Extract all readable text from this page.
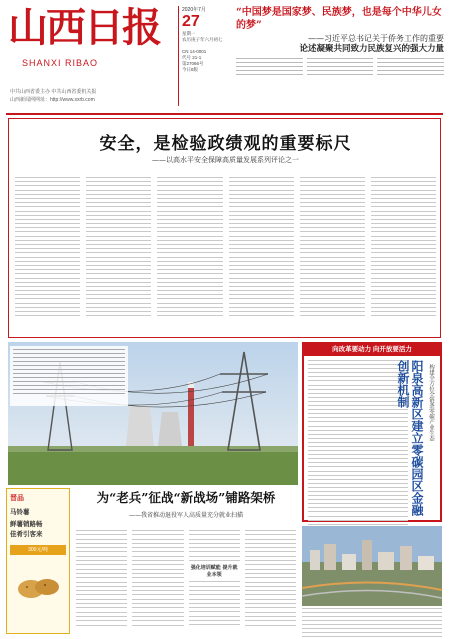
山西日报
SHANXI RIBAO
中共山西省委主办 中共山西省委机关报
山西新闻网网址：http://www.sxrb.com
2020年7月
27
星期一
农历庚子年六月初七
CN 14-0001
代号 21-1
第27066号
今日8版
“中国梦是国家梦、民族梦，也是每个中华儿女的梦”
——习近平总书记关于侨务工作的重要
论述凝聚共同致力民族复兴的强大力量
安全，是检验政绩观的重要标尺
——以高水平安全保障高质量发展系列评论之一
向改革要动力 向开放要活力
阳泉高新区建立零碳园区金融创新机制	构建全方位全链条零碳产业生态
晋品
马铃薯
鲜薯销路畅
佳肴引客来
300元/吨
为“老兵”征战“新战场”铺路架桥
——我省推动退役军人高质量充分就业扫描
强化培训赋能 提升就业本领
